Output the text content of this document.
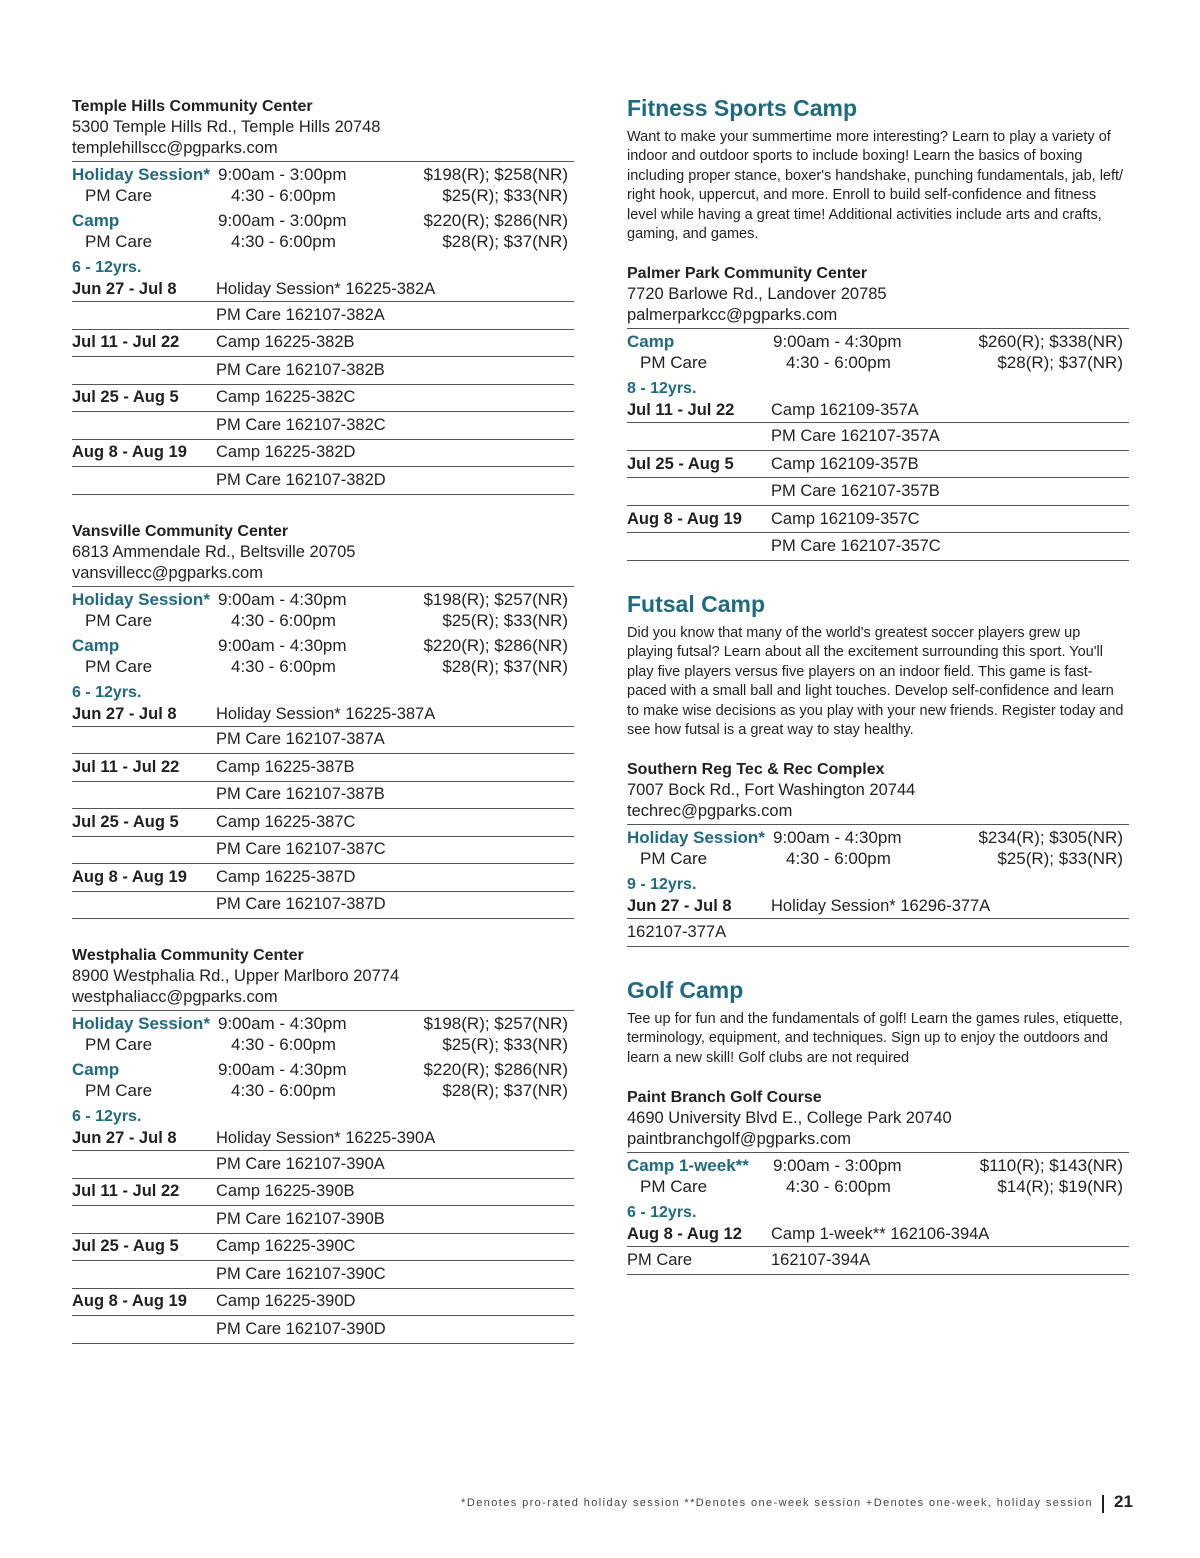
Temple Hills Community Center
5300 Temple Hills Rd., Temple Hills 20748
templehillscc@pgparks.com
Holiday Session* 9:00am - 3:00pm	$198(R); $258(NR)
PM Care	4:30 - 6:00pm	$25(R); $33(NR)
Camp	9:00am - 3:00pm	$220(R); $286(NR)
PM Care	4:30 - 6:00pm	$28(R); $37(NR)
6 - 12yrs.
Jun 27 - Jul 8	Holiday Session* 16225-382A
PM Care 162107-382A
Jul 11 - Jul 22	Camp 16225-382B
PM Care 162107-382B
Jul 25 - Aug 5	Camp 16225-382C
PM Care 162107-382C
Aug 8 - Aug 19	Camp 16225-382D
PM Care 162107-382D
Vansville Community Center
6813 Ammendale Rd., Beltsville 20705
vansvillecc@pgparks.com
Holiday Session* 9:00am - 4:30pm	$198(R); $257(NR)
PM Care	4:30 - 6:00pm	$25(R); $33(NR)
Camp	9:00am - 4:30pm	$220(R); $286(NR)
PM Care	4:30 - 6:00pm	$28(R); $37(NR)
6 - 12yrs.
Jun 27 - Jul 8	Holiday Session* 16225-387A
PM Care 162107-387A
Jul 11 - Jul 22	Camp 16225-387B
PM Care 162107-387B
Jul 25 - Aug 5	Camp 16225-387C
PM Care 162107-387C
Aug 8 - Aug 19	Camp 16225-387D
PM Care 162107-387D
Westphalia Community Center
8900 Westphalia Rd., Upper Marlboro 20774
westphaliacc@pgparks.com
Holiday Session* 9:00am - 4:30pm	$198(R); $257(NR)
PM Care	4:30 - 6:00pm	$25(R); $33(NR)
Camp	9:00am - 4:30pm	$220(R); $286(NR)
PM Care	4:30 - 6:00pm	$28(R); $37(NR)
6 - 12yrs.
Jun 27 - Jul 8	Holiday Session* 16225-390A
PM Care 162107-390A
Jul 11 - Jul 22	Camp 16225-390B
PM Care 162107-390B
Jul 25 - Aug 5	Camp 16225-390C
PM Care 162107-390C
Aug 8 - Aug 19	Camp 16225-390D
PM Care 162107-390D
Fitness Sports Camp
Want to make your summertime more interesting? Learn to play a variety of indoor and outdoor sports to include boxing! Learn the basics of boxing including proper stance, boxer's handshake, punching fundamentals, jab, left/ right hook, uppercut, and more. Enroll to build self-confidence and fitness level while having a great time! Additional activities include arts and crafts, gaming, and games.
Palmer Park Community Center
7720 Barlowe Rd., Landover 20785
palmerparkcc@pgparks.com
Camp	9:00am - 4:30pm	$260(R); $338(NR)
PM Care	4:30 - 6:00pm	$28(R); $37(NR)
8 - 12yrs.
Jul 11 - Jul 22	Camp 162109-357A
PM Care 162107-357A
Jul 25 - Aug 5	Camp 162109-357B
PM Care 162107-357B
Aug 8 - Aug 19	Camp 162109-357C
PM Care 162107-357C
Futsal Camp
Did you know that many of the world's greatest soccer players grew up playing futsal? Learn about all the excitement surrounding this sport. You'll play five players versus five players on an indoor field. This game is fast-paced with a small ball and light touches. Develop self-confidence and learn to make wise decisions as you play with your new friends. Register today and see how futsal is a great way to stay healthy.
Southern Reg Tec & Rec Complex
7007 Bock Rd., Fort Washington 20744
techrec@pgparks.com
Holiday Session* 9:00am - 4:30pm	$234(R); $305(NR)
PM Care	4:30 - 6:00pm	$25(R); $33(NR)
9 - 12yrs.
Jun 27 - Jul 8	Holiday Session* 16296-377A
162107-377A
Golf Camp
Tee up for fun and the fundamentals of golf! Learn the games rules, etiquette, terminology, equipment, and techniques. Sign up to enjoy the outdoors and learn a new skill! Golf clubs are not required
Paint Branch Golf Course
4690 University Blvd E., College Park 20740
paintbranchgolf@pgparks.com
Camp 1-week**	9:00am - 3:00pm	$110(R); $143(NR)
PM Care	4:30 - 6:00pm	$14(R); $19(NR)
6 - 12yrs.
Aug 8 - Aug 12	Camp 1-week** 162106-394A
PM Care	162107-394A
*Denotes pro-rated holiday session **Denotes one-week session +Denotes one-week, holiday session 21
